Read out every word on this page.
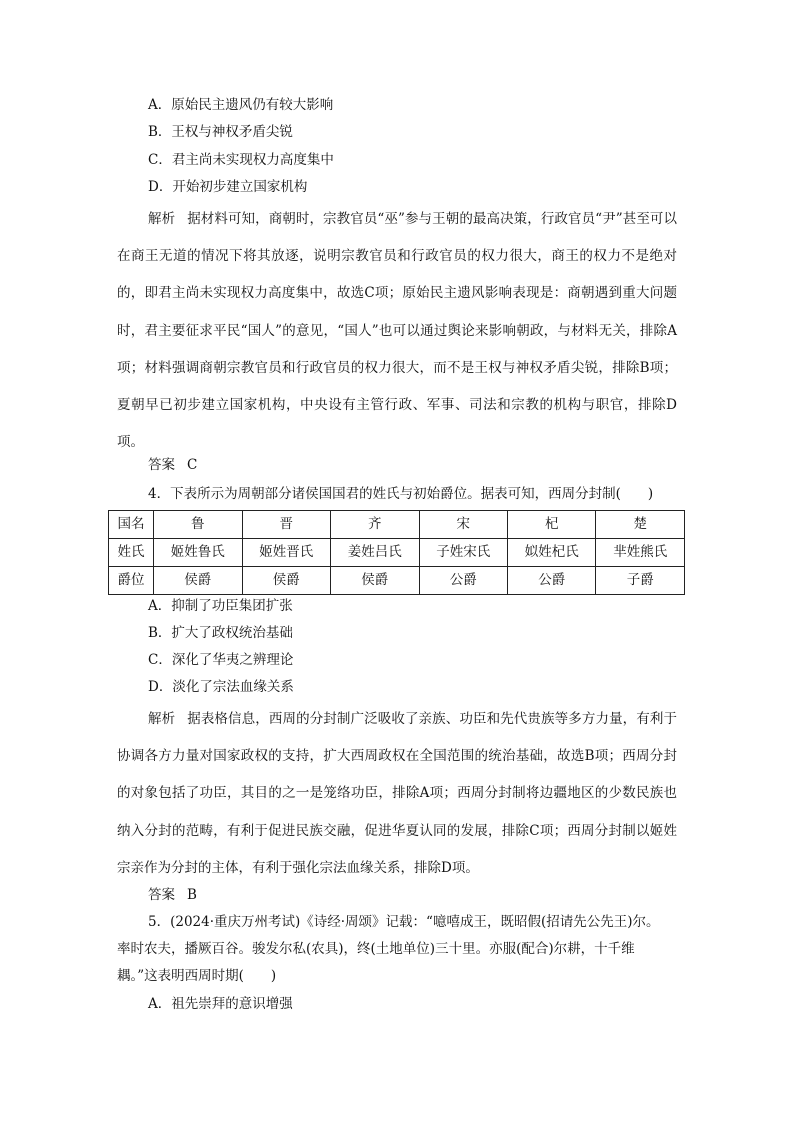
A．原始民主遗风仍有较大影响
B．王权与神权矛盾尖锐
C．君主尚未实现权力高度集中
D．开始初步建立国家机构
解析 据材料可知，商朝时，宗教官员“巫”参与王朝的最高决策，行政官员“尹”甚至可以在商王无道的情况下将其放逐，说明宗教官员和行政官员的权力很大，商王的权力不是绝对的，即君主尚未实现权力高度集中，故选C项；原始民主遗风影响表现是：商朝遇到重大问题时，君主要征求平民“国人”的意见，“国人”也可以通过舆论来影响朝政，与材料无关，排除A项；材料强调商朝宗教官员和行政官员的权力很大，而不是王权与神权矛盾尖锐，排除B项；夏朝早已初步建立国家机构，中央设有主管行政、军事、司法和宗教的机构与职官，排除D项。
答案 C
4．下表所示为周朝部分诸侯国国君的姓氏与初始爵位。据表可知，西周分封制(　　)
国名	鲁	晋	齐	宋	杞	楚
姓氏	姬姓鲁氏	姬姓晋氏	姜姓吕氏	子姓宋氏	姒姓杞氏	芈姓熊氏
爵位	侯爵	侯爵	侯爵	公爵	公爵	子爵
A．抑制了功臣集团扩张
B．扩大了政权统治基础
C．深化了华夷之辨理论
D．淡化了宗法血缘关系
解析 据表格信息，西周的分封制广泛吸收了亲族、功臣和先代贵族等多方力量，有利于协调各方力量对国家政权的支持，扩大西周政权在全国范围的统治基础，故选B项；西周分封的对象包括了功臣，其目的之一是笼络功臣，排除A项；西周分封制将边疆地区的少数民族也纳入分封的范畴，有利于促进民族交融，促进华夏认同的发展，排除C项；西周分封制以姬姓宗亲作为分封的主体，有利于强化宗法血缘关系，排除D项。
答案 B
5．(2024·重庆万州考试)《诗经·周颂》记载：“噫嘻成王，既昭假(招请先公先王)尔。
率时农夫，播厥百谷。骏发尔私(农具)，终(土地单位)三十里。亦服(配合)尔耕，十千维
耦。”这表明西周时期(　　)
A．祖先崇拜的意识增强
